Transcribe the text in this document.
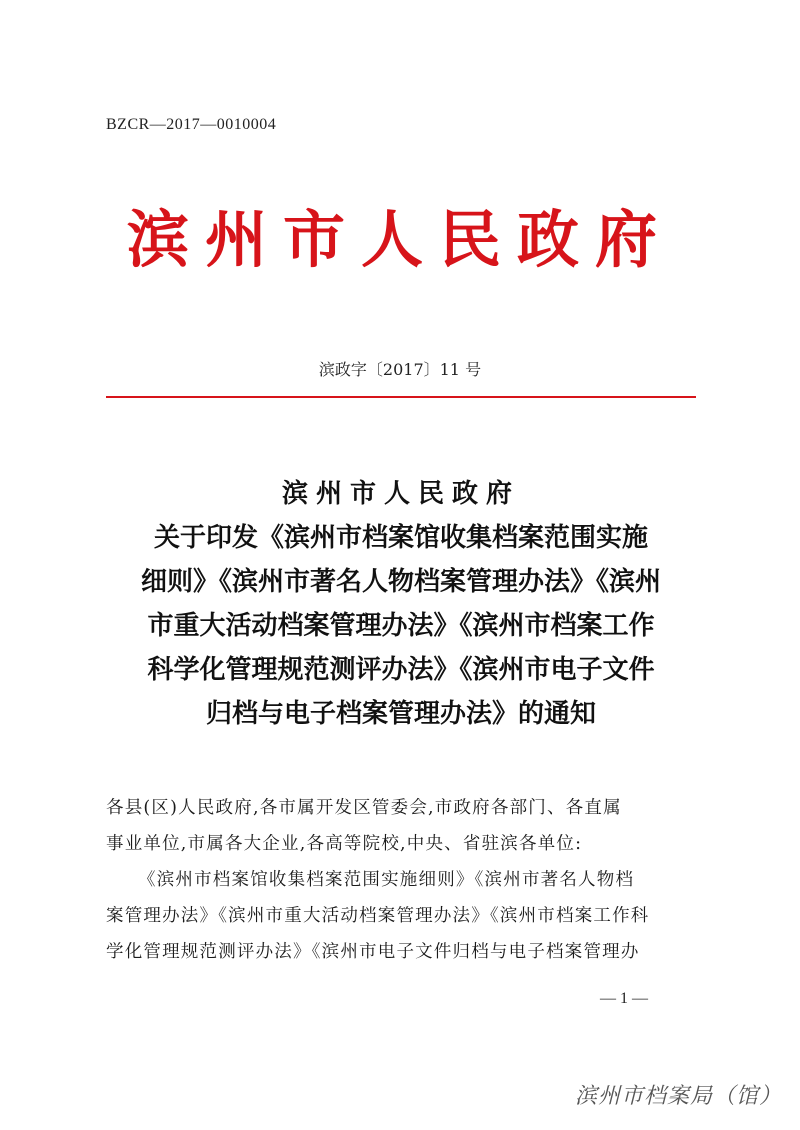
BZCR—2017—0010004
滨州市人民政府
滨政字〔2017〕11 号
滨州市人民政府
关于印发《滨州市档案馆收集档案范围实施
细则》《滨州市著名人物档案管理办法》《滨州
市重大活动档案管理办法》《滨州市档案工作
科学化管理规范测评办法》《滨州市电子文件
归档与电子档案管理办法》的通知
各县(区)人民政府,各市属开发区管委会,市政府各部门、各直属
事业单位,市属各大企业,各高等院校,中央、省驻滨各单位:
《滨州市档案馆收集档案范围实施细则》《滨州市著名人物档
案管理办法》《滨州市重大活动档案管理办法》《滨州市档案工作科
学化管理规范测评办法》《滨州市电子文件归档与电子档案管理办
— 1 —
滨州市档案局（馆）
